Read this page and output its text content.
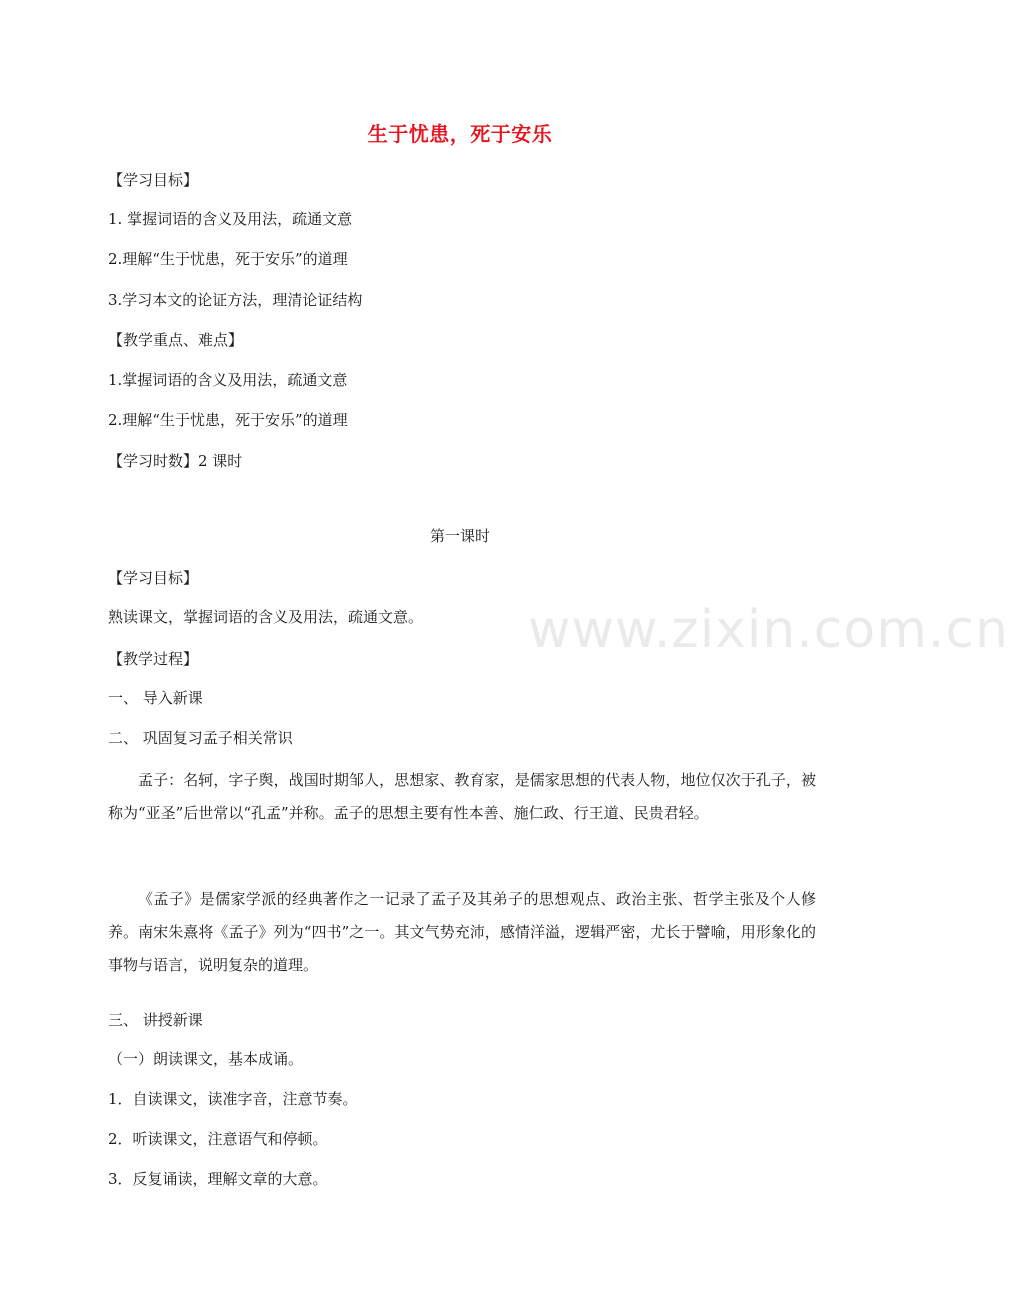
生于忧患，死于安乐
【学习目标】
1. 掌握词语的含义及用法，疏通文意
2.理解“生于忧患，死于安乐”的道理
3.学习本文的论证方法，理清论证结构
【教学重点、难点】
1.掌握词语的含义及用法，疏通文意
2.理解“生于忧患，死于安乐”的道理
【学习时数】2 课时
第一课时
【学习目标】
熟读课文，掌握词语的含义及用法，疏通文意。
【教学过程】
一、 导入新课
二、 巩固复习孟子相关常识
孟子：名轲，字子舆，战国时期邹人，思想家、教育家，是儒家思想的代表人物，地位仅次于孔子，被称为“亚圣”后世常以“孔孟”并称。孟子的思想主要有性本善、施仁政、行王道、民贵君轻。
《孟子》是儒家学派的经典著作之一记录了孟子及其弟子的思想观点、政治主张、哲学主张及个人修养。南宋朱熹将《孟子》列为“四书”之一。其文气势充沛，感情洋溢，逻辑严密，尤长于譬喻，用形象化的事物与语言，说明复杂的道理。
三、 讲授新课
（一）朗读课文，基本成诵。
1．自读课文，读准字音，注意节奏。
2．听读课文，注意语气和停顿。
3．反复诵读，理解文章的大意。
www.zixin.com.cn
